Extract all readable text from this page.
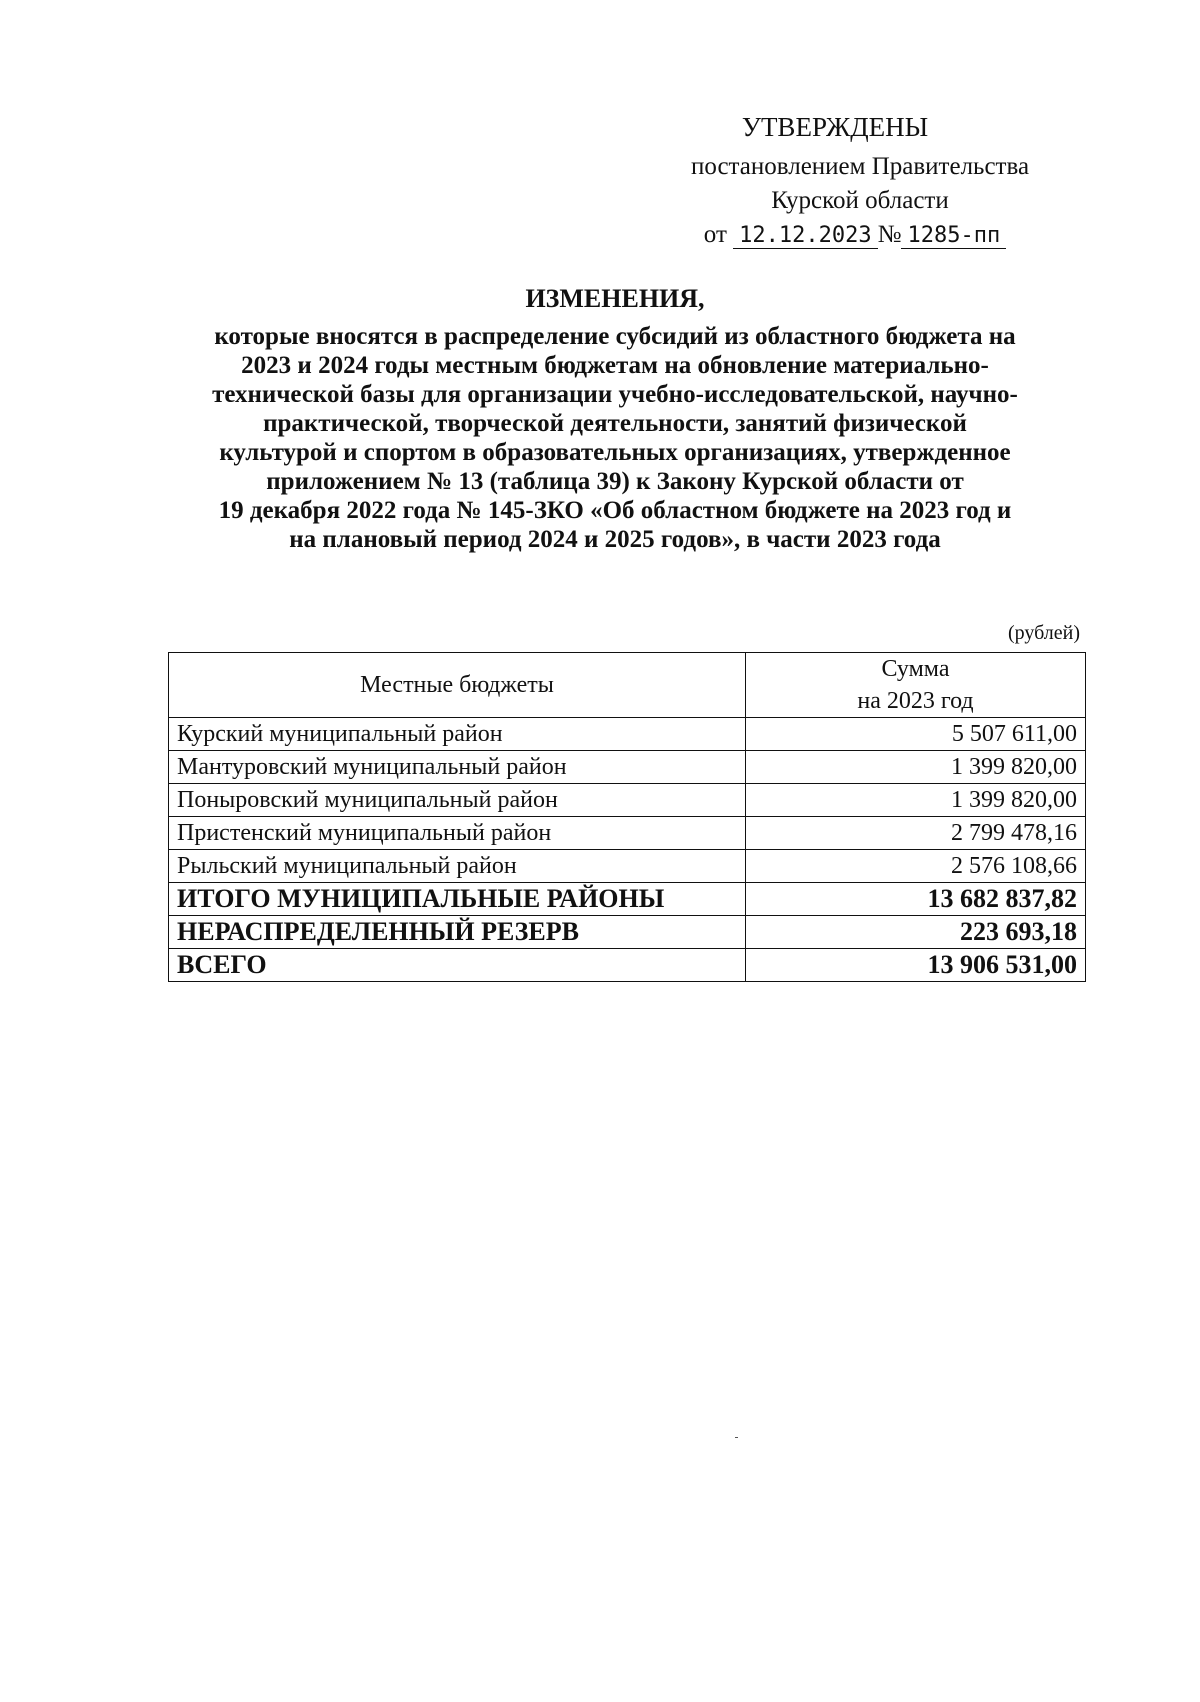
УТВЕРЖДЕНЫ
постановлением Правительства
Курской области
от 12.12.2023 № 1285-пп
ИЗМЕНЕНИЯ,
которые вносятся в распределение субсидий из областного бюджета на
2023 и 2024 годы местным бюджетам на обновление материально-
технической базы для организации учебно-исследовательской, научно-
практической, творческой деятельности, занятий физической
культурой и спортом в образовательных организациях, утвержденное
приложением № 13 (таблица 39) к Закону Курской области от
19 декабря 2022 года № 145-ЗКО «Об областном бюджете на 2023 год и
на плановый период 2024 и 2025 годов», в части 2023 года
(рублей)
Местные бюджеты	Сумма
на 2023 год

Курский муниципальный район	5 507 611,00
Мантуровский муниципальный район	1 399 820,00
Поныровский муниципальный район	1 399 820,00
Пристенский муниципальный район	2 799 478,16
Рыльский муниципальный район	2 576 108,66
ИТОГО МУНИЦИПАЛЬНЫЕ РАЙОНЫ	13 682 837,82
НЕРАСПРЕДЕЛЕННЫЙ РЕЗЕРВ	223 693,18
ВСЕГО	13 906 531,00
